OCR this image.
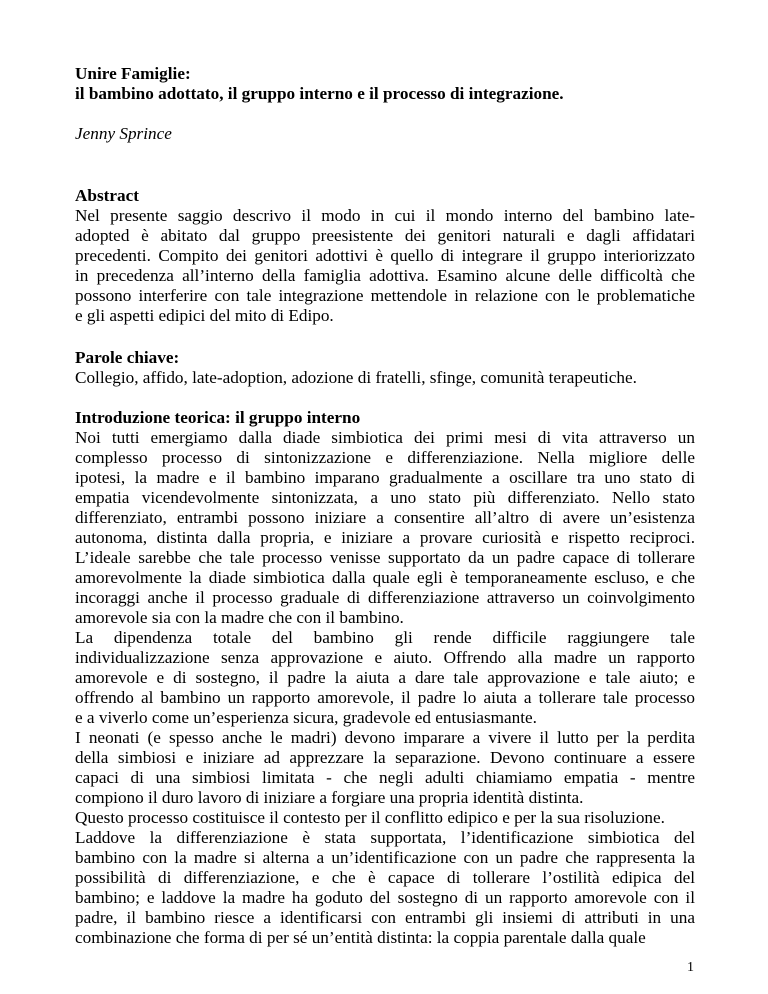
Unire Famiglie:
il bambino adottato, il gruppo interno e il processo di integrazione.
Jenny Sprince
Abstract
Nel presente saggio descrivo il modo in cui il mondo interno del bambino late-
adopted è abitato dal gruppo preesistente dei genitori naturali e dagli affidatari
precedenti. Compito dei genitori adottivi è quello di integrare il gruppo interiorizzato
in precedenza all’interno della famiglia adottiva. Esamino alcune delle difficoltà che
possono interferire con tale integrazione mettendole in relazione con le problematiche
e gli aspetti edipici del mito di Edipo.
Parole chiave:
Collegio, affido, late-adoption, adozione di fratelli, sfinge, comunità terapeutiche.
Introduzione teorica: il gruppo interno
Noi tutti emergiamo dalla diade simbiotica dei primi mesi di vita attraverso un
complesso processo di sintonizzazione e differenziazione. Nella migliore delle
ipotesi, la madre e il bambino imparano gradualmente a oscillare tra uno stato di
empatia vicendevolmente sintonizzata, a uno stato più differenziato. Nello stato
differenziato, entrambi possono iniziare a consentire all’altro di avere un’esistenza
autonoma, distinta dalla propria, e iniziare a provare curiosità e rispetto reciproci.
L’ideale sarebbe che tale processo venisse supportato da un padre capace di tollerare
amorevolmente la diade simbiotica dalla quale egli è temporaneamente escluso, e che
incoraggi anche il processo graduale di differenziazione attraverso un coinvolgimento
amorevole sia con la madre che con il bambino.
La dipendenza totale del bambino gli rende difficile raggiungere tale
individualizzazione senza approvazione e aiuto. Offrendo alla madre un rapporto
amorevole e di sostegno, il padre la aiuta a dare tale approvazione e tale aiuto; e
offrendo al bambino un rapporto amorevole, il padre lo aiuta a tollerare tale processo
e a viverlo come un’esperienza sicura, gradevole ed entusiasmante.
I neonati (e spesso anche le madri) devono imparare a vivere il lutto per la perdita
della simbiosi e iniziare ad apprezzare la separazione. Devono continuare a essere
capaci di una simbiosi limitata - che negli adulti chiamiamo empatia - mentre
compiono il duro lavoro di iniziare a forgiare una propria identità distinta.
Questo processo costituisce il contesto per il conflitto edipico e per la sua risoluzione.
Laddove la differenziazione è stata supportata, l’identificazione simbiotica del
bambino con la madre si alterna a un’identificazione con un padre che rappresenta la
possibilità di differenziazione, e che è capace di tollerare l’ostilità edipica del
bambino; e laddove la madre ha goduto del sostegno di un rapporto amorevole con il
padre, il bambino riesce a identificarsi con entrambi gli insiemi di attributi in una
combinazione che forma di per sé un’entità distinta: la coppia parentale dalla quale
1
